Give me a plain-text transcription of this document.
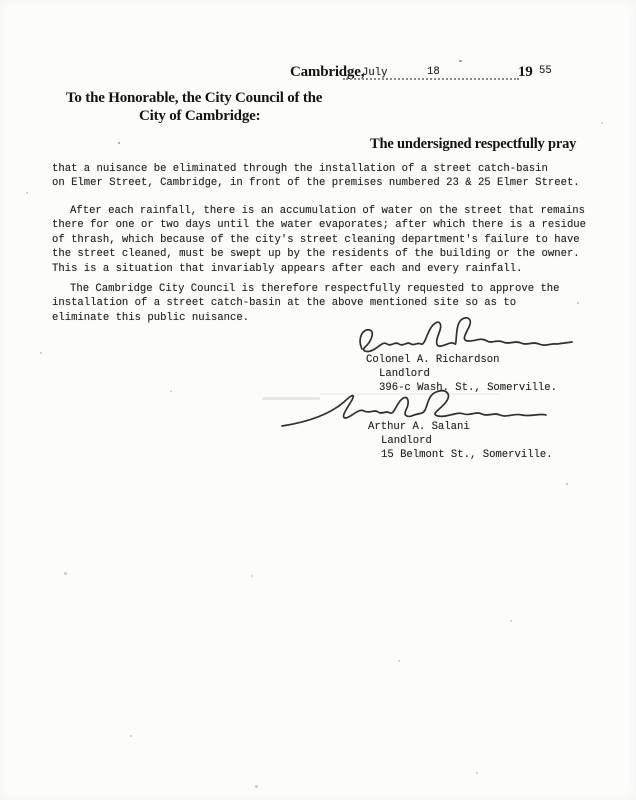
Cambridge,
July	18	19 55
To the Honorable, the City Council of the
City of Cambridge:
The undersigned respectfully pray
that a nuisance be eliminated through the installation of a street catch-basin
on Elmer Street, Cambridge, in front of the premises numbered 23 & 25 Elmer Street.
After each rainfall, there is an accumulation of water on the street that remains
there for one or two days until the water evaporates; after which there is a residue
of thrash, which because of the city's street cleaning department's failure to have
the street cleaned, must be swept up by the residents of the building or the owner.
This is a situation that invariably appears after each and every rainfall.
The Cambridge City Council is therefore respectfully requested to approve the
installation of a street catch-basin at the above mentioned site so as to
eliminate this public nuisance.
Colonel A. Richardson
Landlord
396-c Wash. St., Somerville.
Arthur A. Salani
Landlord
15 Belmont St., Somerville.
